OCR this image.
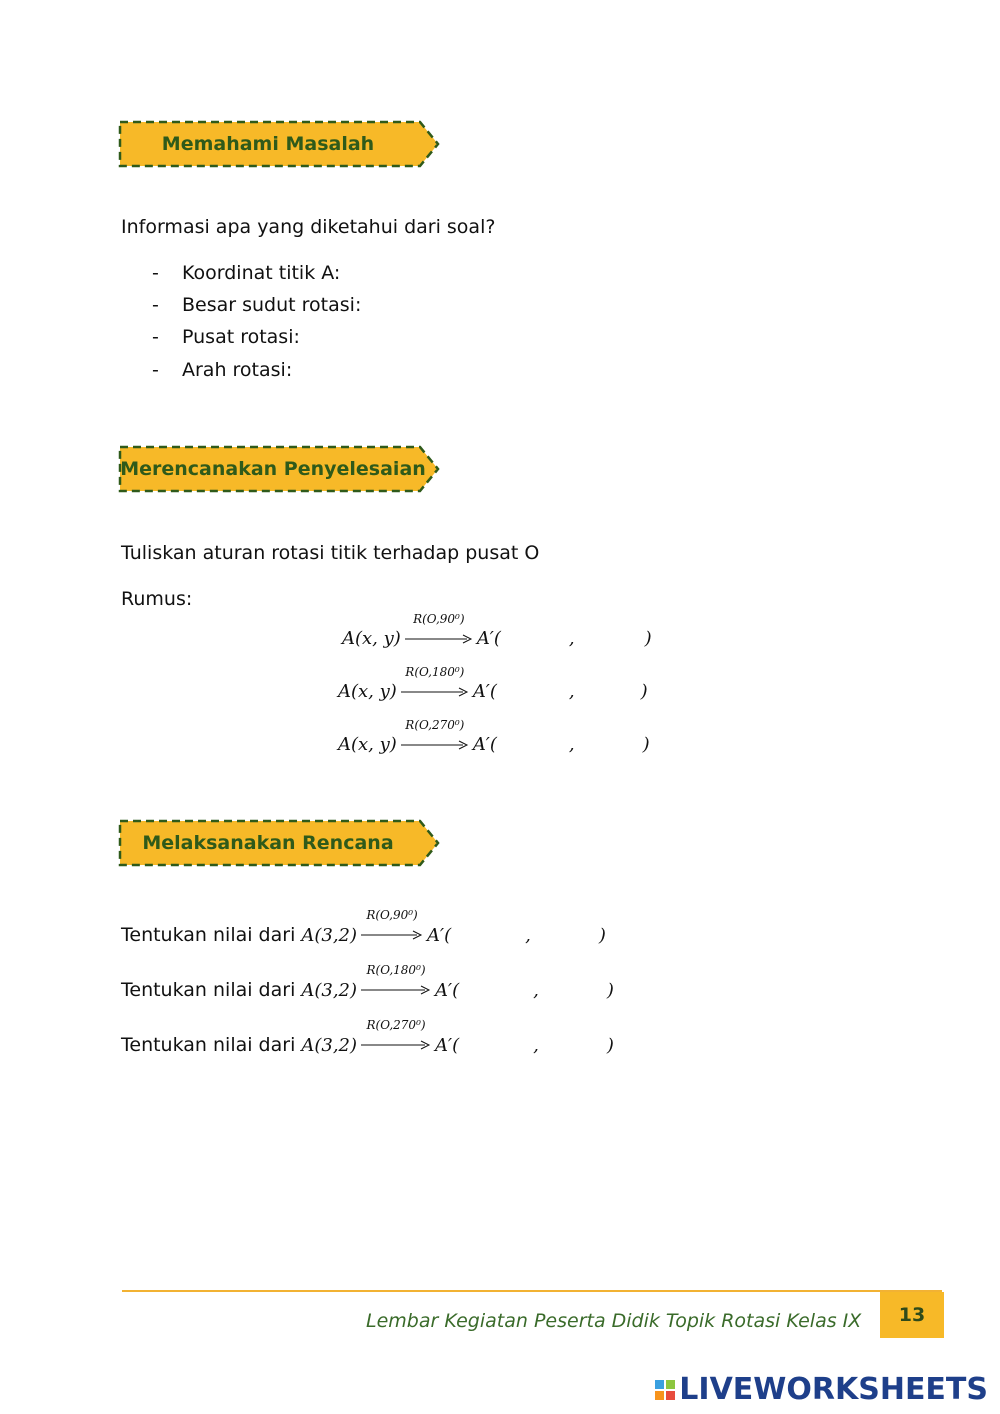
Memahami Masalah
Informasi apa yang diketahui dari soal?
- Koordinat titik A:
- Besar sudut rotasi:
- Pusat rotasi:
- Arah rotasi:
Merencanakan Penyelesaian
Tuliskan aturan rotasi titik terhadap pusat O
Rumus:
A(x, y)
R(O,90⁰)
A′(	,	)
A(x, y)
R(O,180⁰)
A′(	,	)
A(x, y)
R(O,270⁰)
A′(	,	)
Melaksanakan Rencana
Tentukan nilai dari A(3,2)
R(O,90⁰)
A′(	,	)
Tentukan nilai dari A(3,2)
R(O,180⁰)
A′(	,	)
Tentukan nilai dari A(3,2)
R(O,270⁰)
A′(	,	)
Lembar Kegiatan Peserta Didik Topik Rotasi Kelas IX	13
LIVEWORKSHEETS
